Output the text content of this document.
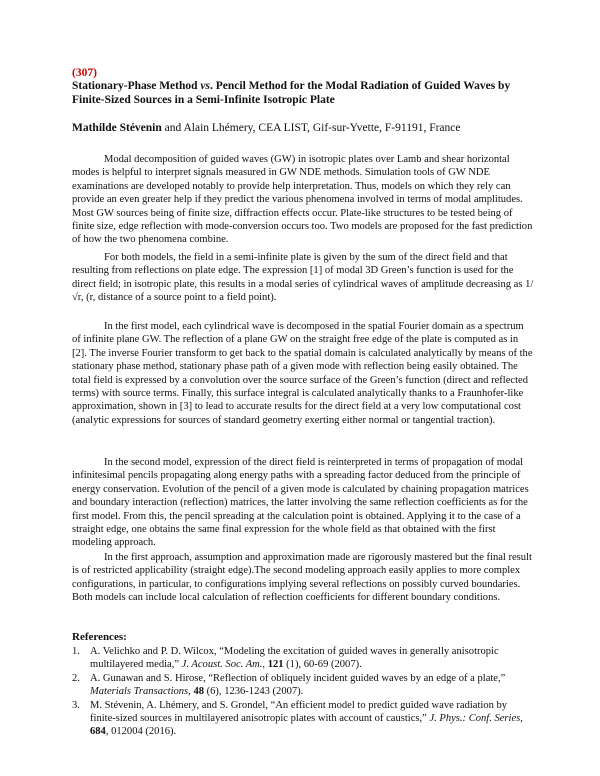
(307)
Stationary-Phase Method vs. Pencil Method for the Modal Radiation of Guided Waves by Finite-Sized Sources in a Semi-Infinite Isotropic Plate
Mathilde Stévenin and Alain Lhémery, CEA LIST, Gif-sur-Yvette, F-91191, France

Modal decomposition of guided waves (GW) in isotropic plates over Lamb and shear horizontal modes is helpful to interpret signals measured in GW NDE methods. Simulation tools of GW NDE examinations are developed notably to provide help interpretation. Thus, models on which they rely can provide an even greater help if they predict the various phenomena involved in terms of modal amplitudes. Most GW sources being of finite size, diffraction effects occur. Plate-like structures to be tested being of finite size, edge reflection with mode-conversion occurs too. Two models are proposed for the fast prediction of how the two phenomena combine.

For both models, the field in a semi-infinite plate is given by the sum of the direct field and that resulting from reflections on plate edge. The expression [1] of modal 3D Green’s function is used for the direct field; in isotropic plate, this results in a modal series of cylindrical waves of amplitude decreasing as 1/√r, (r, distance of a source point to a field point).

In the first model, each cylindrical wave is decomposed in the spatial Fourier domain as a spectrum of infinite plane GW. The reflection of a plane GW on the straight free edge of the plate is computed as in [2]. The inverse Fourier transform to get back to the spatial domain is calculated analytically by means of the stationary phase method, stationary phase path of a given mode with reflection being easily obtained. The total field is expressed by a convolution over the source surface of the Green’s function (direct and reflected terms) with source terms. Finally, this surface integral is calculated analytically thanks to a Fraunhofer-like approximation, shown in [3] to lead to accurate results for the direct field at a very low computational cost (analytic expressions for sources of standard geometry exerting either normal or tangential traction).

In the second model, expression of the direct field is reinterpreted in terms of propagation of modal infinitesimal pencils propagating along energy paths with a spreading factor deduced from the principle of energy conservation. Evolution of the pencil of a given mode is calculated by chaining propagation matrices and boundary interaction (reflection) matrices, the latter involving the same reflection coefficients as for the first model. From this, the pencil spreading at the calculation point is obtained. Applying it to the case of a straight edge, one obtains the same final expression for the whole field as that obtained with the first modeling approach.

In the first approach, assumption and approximation made are rigorously mastered but the final result is of restricted applicability (straight edge).The second modeling approach easily applies to more complex configurations, in particular, to configurations implying several reflections on possibly curved boundaries. Both models can include local calculation of reflection coefficients for different boundary conditions.

References:
1. A. Velichko and P. D. Wilcox, “Modeling the excitation of guided waves in generally anisotropic multilayered media,” J. Acoust. Soc. Am., 121 (1), 60-69 (2007).
2. A. Gunawan and S. Hirose, “Reflection of obliquely incident guided waves by an edge of a plate,” Materials Transactions, 48 (6), 1236-1243 (2007).
3. M. Stévenin, A. Lhémery, and S. Grondel, “An efficient model to predict guided wave radiation by finite-sized sources in multilayered anisotropic plates with account of caustics,” J. Phys.: Conf. Series, 684, 012004 (2016).
